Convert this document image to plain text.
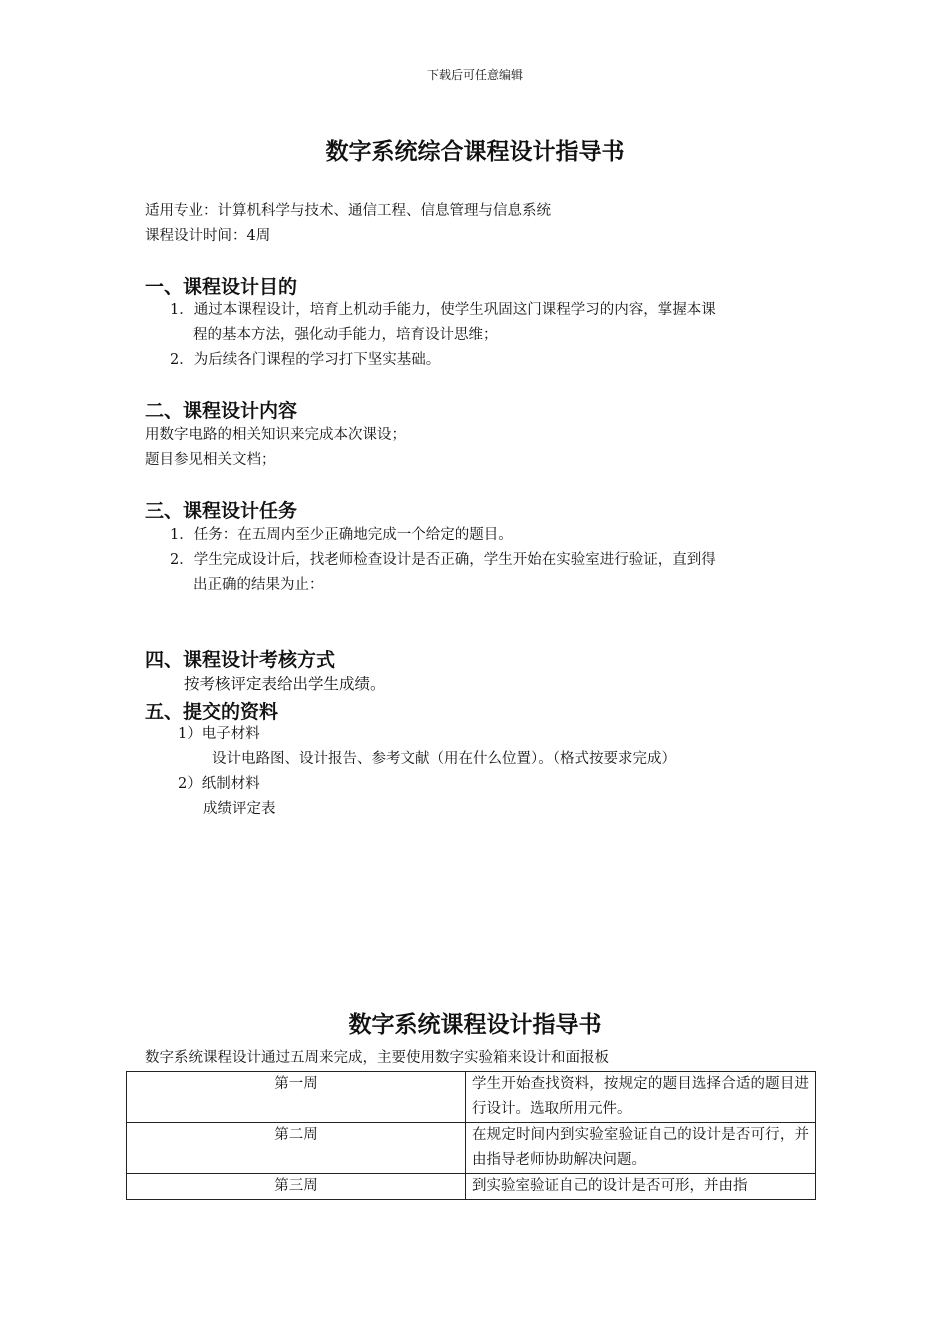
下载后可任意编辑
数字系统综合课程设计指导书
适用专业：计算机科学与技术、通信工程、信息管理与信息系统
课程设计时间：4周
一、课程设计目的
1．通过本课程设计，培育上机动手能力，使学生巩固这门课程学习的内容，掌握本课
程的基本方法，强化动手能力，培育设计思维；
2．为后续各门课程的学习打下坚实基础。
二、课程设计内容
用数字电路的相关知识来完成本次课设；
题目参见相关文档；
三、课程设计任务
1．任务：在五周内至少正确地完成一个给定的题目。
2．学生完成设计后，找老师检查设计是否正确，学生开始在实验室进行验证，直到得
出正确的结果为止：
四、课程设计考核方式
按考核评定表给出学生成绩。
五、提交的资料
1）电子材料
设计电路图、设计报告、参考文献（用在什么位置）。（格式按要求完成）
2）纸制材料
成绩评定表
数字系统课程设计指导书
数字系统课程设计通过五周来完成，主要使用数字实验箱来设计和面报板
第一周	学生开始查找资料，按规定的题目选择合适的题目进行设计。选取所用元件。
第二周	在规定时间内到实验室验证自己的设计是否可行，并由指导老师协助解决问题。
第三周	到实验室验证自己的设计是否可形，并由指
